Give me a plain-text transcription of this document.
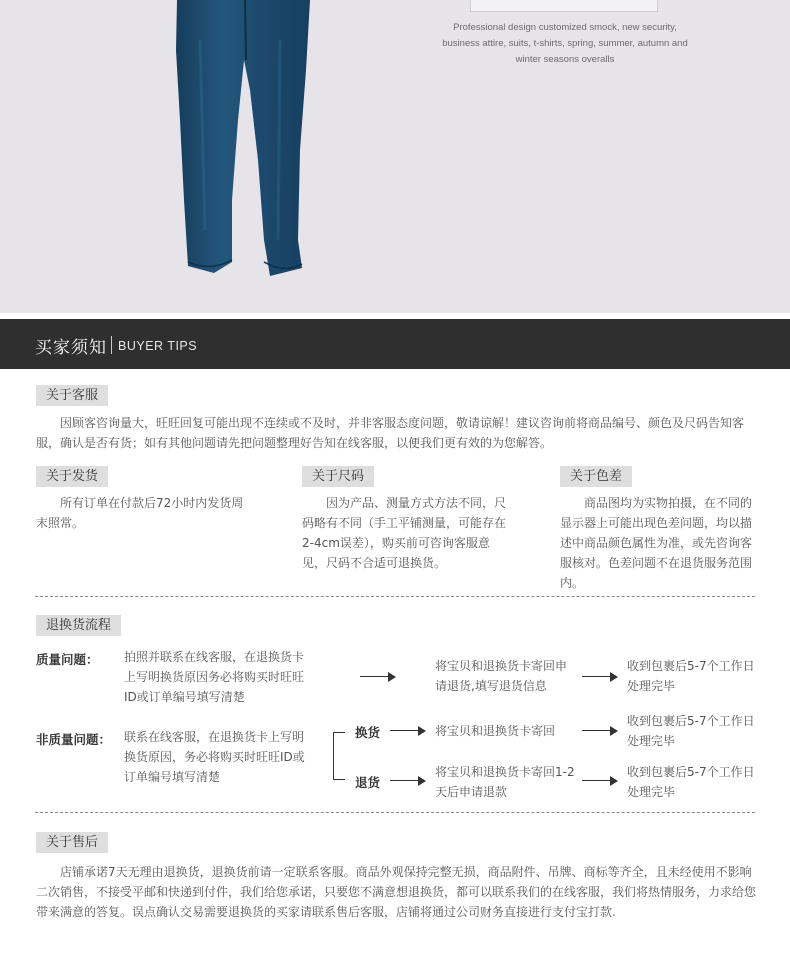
Professional design customized smock, new security,
business attire, suits, t-shirts, spring, summer, autumn and
winter seasons overalls
买家须知 BUYER TIPS
关于客服
因顾客咨询量大，旺旺回复可能出现不连续或不及时，并非客服态度问题，敬请谅解！建议咨询前将商品编号、颜色及尺码告知客服，确认是否有货；如有其他问题请先把问题整理好告知在线客服，以便我们更有效的为您解答。
关于发货
所有订单在付款后72小时内发货周末照常。
关于尺码
因为产品、测量方式方法不同，尺码略有不同（手工平铺测量，可能存在2-4cm误差），购买前可咨询客服意见，尺码不合适可退换货。
关于色差
商品图均为实物拍摄，在不同的显示器上可能出现色差问题，均以描述中商品颜色属性为准，或先咨询客服核对。色差问题不在退货服务范围内。
退换货流程
质量问题： 拍照并联系在线客服，在退换货卡上写明换货原因务必将购买时旺旺ID或订单编号填写清楚
将宝贝和退换货卡寄回申请退货,填写退货信息
收到包裹后5-7个工作日处理完毕
非质量问题： 联系在线客服，在退换货卡上写明换货原因，务必将购买时旺旺ID或订单编号填写清楚
换货	将宝贝和退换货卡寄回
收到包裹后5-7个工作日处理完毕
退货
将宝贝和退换货卡寄回1-2天后申请退款
收到包裹后5-7个工作日处理完毕
关于售后
店铺承诺7天无理由退换货，退换货前请一定联系客服。商品外观保持完整无损，商品附件、吊牌、商标等齐全，且未经使用不影响二次销售，不接受平邮和快递到付件，我们给您承诺，只要您不满意想退换货，都可以联系我们的在线客服，我们将热情服务，力求给您带来满意的答复。误点确认交易需要退换货的买家请联系售后客服，店铺将通过公司财务直接进行支付宝打款.
